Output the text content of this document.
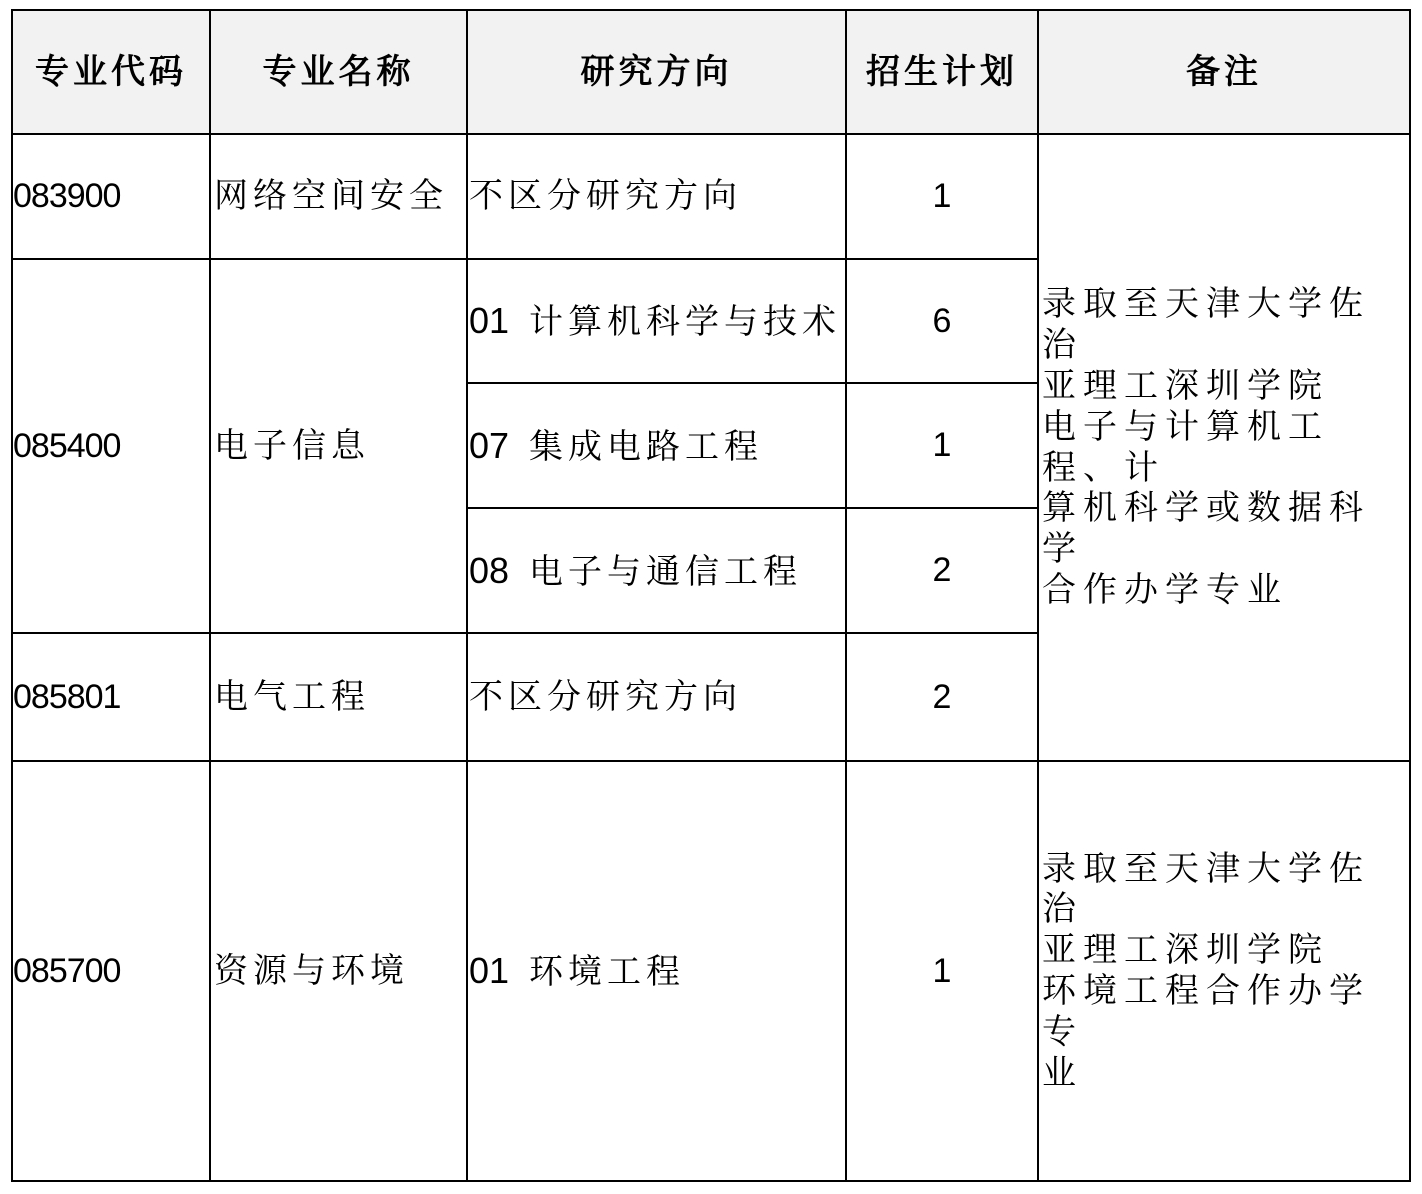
专业代码	专业名称	研究方向	招生计划	备注
083900	网络空间安全	不区分研究方向	1	录取至天津大学佐治
亚理工深圳学院
电子与计算机工程、计
算机科学或数据科学
合作办学专业

085400	电子信息	01 计算机科学与技术	6	
		07 集成电路工程	1	
		08 电子与通信工程	2	
085801	电气工程	不区分研究方向	2	
085700	资源与环境	01 环境工程	1	录取至天津大学佐治
亚理工深圳学院
环境工程合作办学专
业
